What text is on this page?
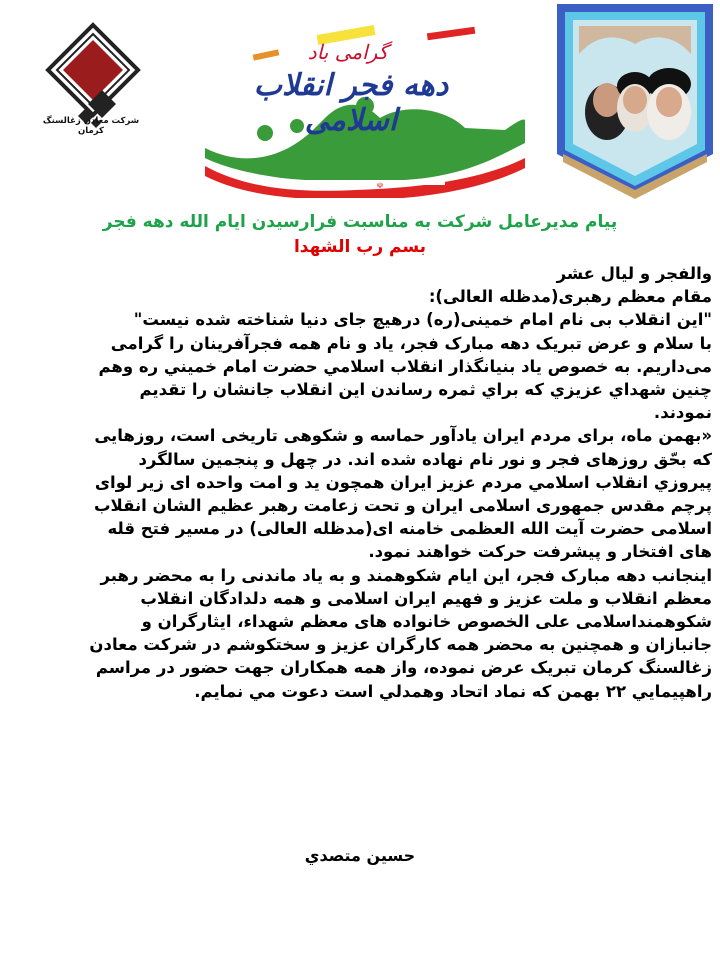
شرکت معادن زغالسنگ کرمان
☫
گرامی باد
دهه فجر انقلاب اسلامی
پیام مدیرعامل شرکت به مناسبت فرارسیدن ایام الله دهه فجر
بسم رب الشهدا
والفجر و لیال عشر
مقام معظم رهبری(مدظله العالی):
"این انقلاب بی نام امام خمینی(ره) درهیچ جای دنیا شناخته شده نیست"
با سلام و عرض تبریک دهه مبارک فجر، یاد و نام همه فجرآفرینان را گرامی
می‌داریم. به خصوص یاد بنیانگذار انقلاب اسلامي حضرت امام خميني ره وهم
چنين شهداي عزيزي که براي ثمره رساندن اين انقلاب جانشان را تقديم
نمودند.
«بهمن ماه، برای مردم ایران یادآور حماسه و شکوهی تاریخی است، روزهایی
که بحّق روزهای فجر و نور نام نهاده شده اند. در چهل و پنجمین سالگرد
پیروزي انقلاب اسلامي مردم عزيز ايران همچون يد و امت واحده ای زیر لوای
پرچم مقدس جمهوری اسلامی ایران و تحت زعامت رهبر عظیم الشان انقلاب
اسلامی حضرت آیت الله العظمی خامنه ای(مدظله العالی) در مسیر فتح قله
های افتخار و پیشرفت حرکت خواهند نمود.
اینجانب دهه مبارک فجر، این ایام شکوهمند و به یاد ماندنی را به محضر رهبر
معظم انقلاب و ملت عزیز و فهیم ایران اسلامی و همه دلدادگان انقلاب
شکوهمنداسلامی علی الخصوص خانواده های معظم شهداء، ایثارگران و
جانبازان و همچنین به محضر همه کارگران عزیز و سختکوشم در شرکت معادن
زغالسنگ کرمان تبریک عرض نموده، واز همه همکاران جهت حضور در مراسم
راهپيمايي ۲۲ بهمن که نماد اتحاد وهمدلي است دعوت مي نمايم.
حسين متصدي
